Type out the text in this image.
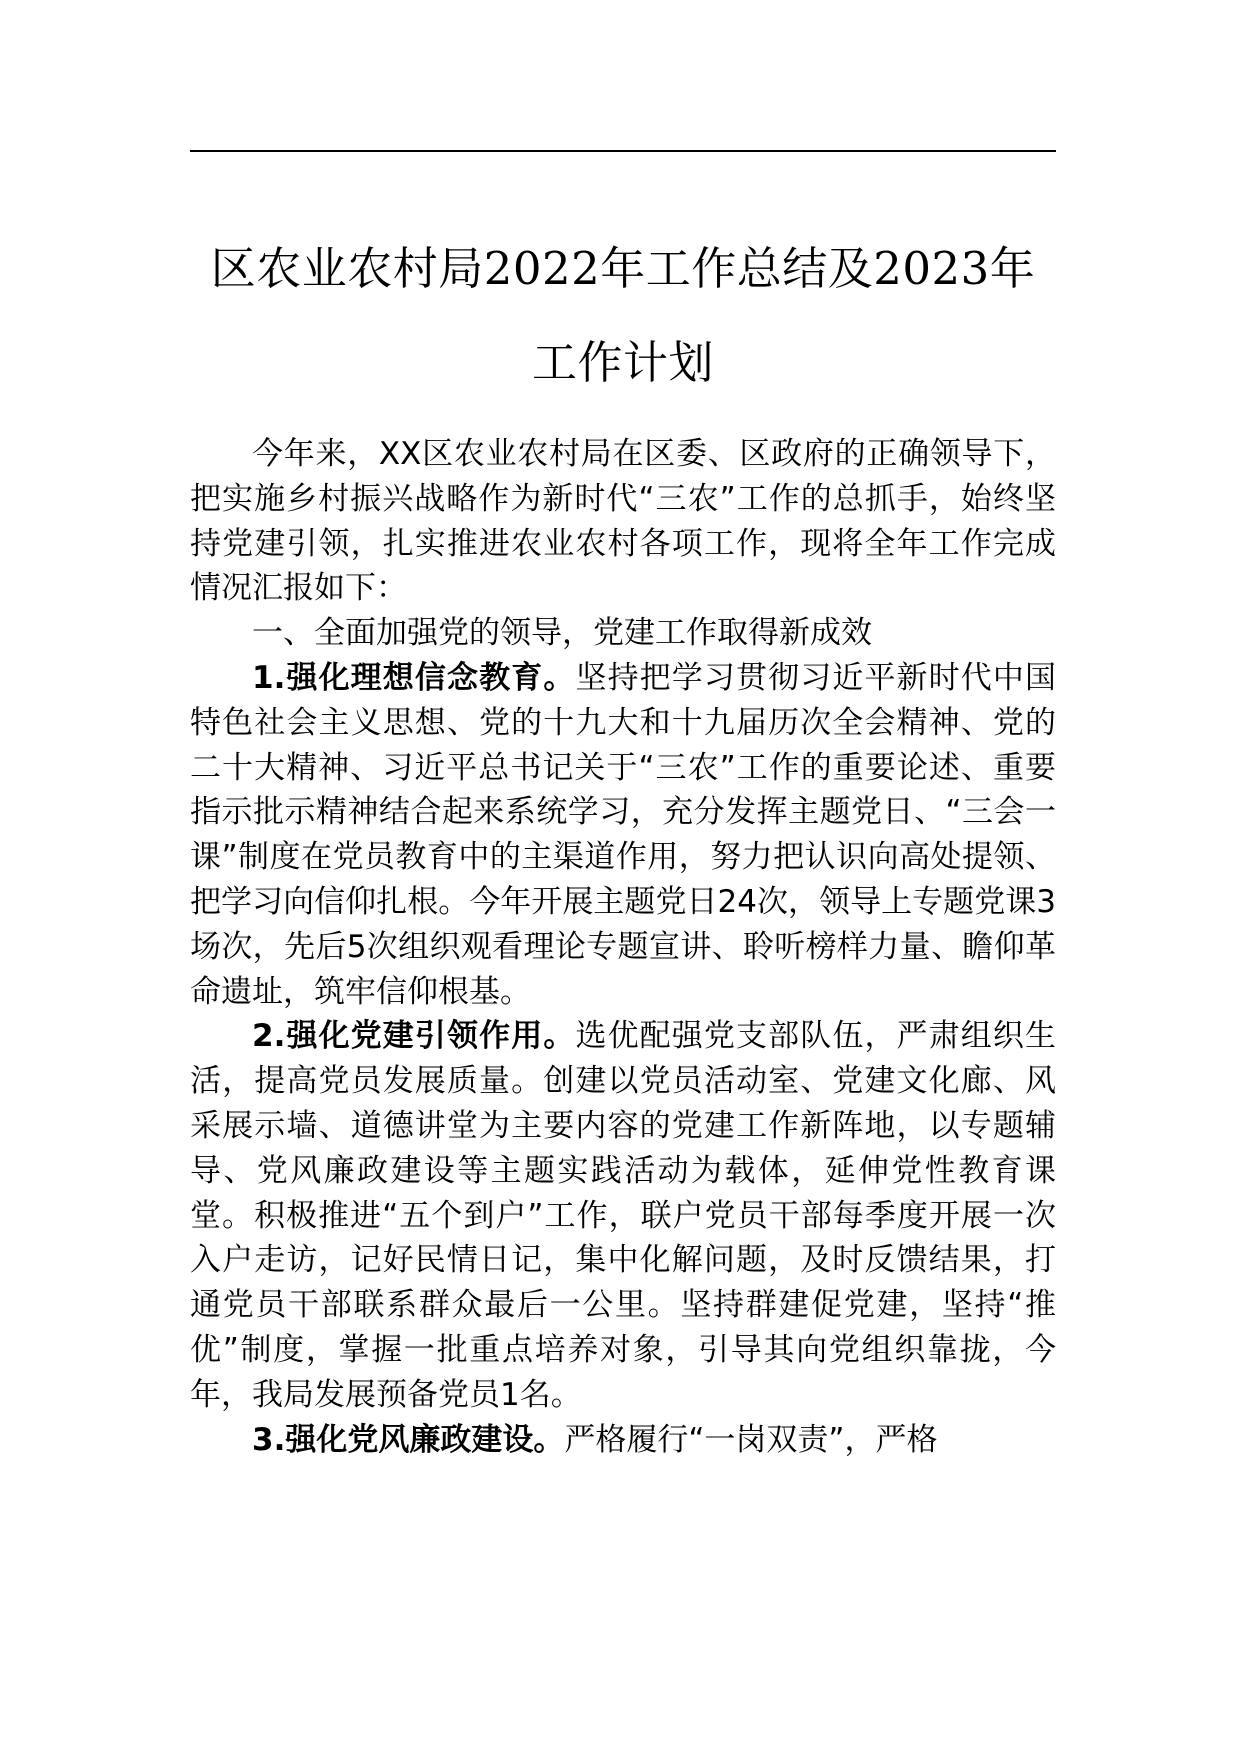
区农业农村局2022年工作总结及2023年工作计划

今年来，XX区农业农村局在区委、区政府的正确领导下，把实施乡村振兴战略作为新时代“三农”工作的总抓手，始终坚持党建引领，扎实推进农业农村各项工作，现将全年工作完成情况汇报如下：

一、全面加强党的领导，党建工作取得新成效

1.强化理想信念教育。坚持把学习贯彻习近平新时代中国特色社会主义思想、党的十九大和十九届历次全会精神、党的二十大精神、习近平总书记关于“三农”工作的重要论述、重要指示批示精神结合起来系统学习，充分发挥主题党日、“三会一课”制度在党员教育中的主渠道作用，努力把认识向高处提领、把学习向信仰扎根。今年开展主题党日24次，领导上专题党课3场次，先后5次组织观看理论专题宣讲、聆听榜样力量、瞻仰革命遗址，筑牢信仰根基。

2.强化党建引领作用。选优配强党支部队伍，严肃组织生活，提高党员发展质量。创建以党员活动室、党建文化廊、风采展示墙、道德讲堂为主要内容的党建工作新阵地，以专题辅导、党风廉政建设等主题实践活动为载体，延伸党性教育课堂。积极推进“五个到户”工作，联户党员干部每季度开展一次入户走访，记好民情日记，集中化解问题，及时反馈结果，打通党员干部联系群众最后一公里。坚持群建促党建，坚持“推优”制度，掌握一批重点培养对象，引导其向党组织靠拢，今年，我局发展预备党员1名。

3.强化党风廉政建设。严格履行“一岗双责”，严格
